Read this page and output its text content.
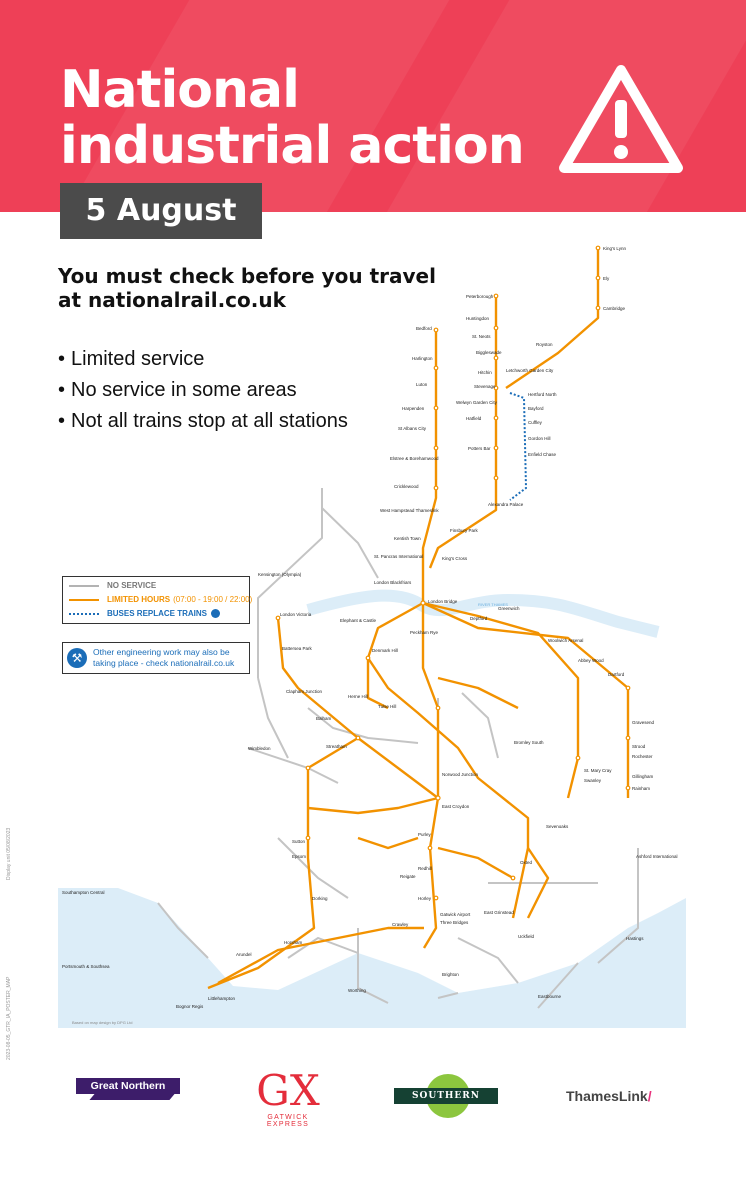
National
industrial action
5 August
You must check before you travel
at nationalrail.co.uk
• Limited service
• No service in some areas
• Not all trains stop at all stations
RIVER THAMES
King's Lynn
Ely
Cambridge
Royston
Peterborough
Huntingdon
St. Neots
Biggleswade
Hitchin	Letchworth Garden City
Stevenage
Welwyn Garden City
Hatfield
Potters Bar
Hertford North
Bayford
Cuffley
Gordon Hill
Enfield Chase
Alexandra Palace
Finsbury Park
King's Cross
Bedford
Harlington
Luton
Harpenden
St Albans City
Elstree & Borehamwood
Cricklewood
West Hampstead Thameslink
Kentish Town
St. Pancras International
London Blackfriars
London Bridge
London Victoria
Battersea Park
Clapham Junction
Elephant & Castle
Denmark Hill
Peckham Rye
Herne Hill
Tulse Hill
Streatham
Balham
Norwood Junction
East Croydon
Sutton
Epsom
Purley
Redhill
Reigate
Horley
Gatwick Airport
Three Bridges
Crawley
Horsham
Dorking
East Grinstead
Uckfield
Oxted
Greenwich
Deptford
Woolwich Arsenal
Abbey Wood
Dartford
Gravesend
Strood
Rochester
Gillingham
Rainham
Sevenoaks
Bromley South
St. Mary Cray
Swanley
Brighton
Arundel
Littlehampton
Bognor Regis
Worthing
Eastbourne
Hastings
Ashford International
Portsmouth & Southsea
Southampton Central
Wimbledon
Kensington (Olympia)
NO SERVICE
LIMITED HOURS (07:00 - 19:00 / 22:00)
BUSES REPLACE TRAINS
⚒	Other engineering work may also be taking place - check nationalrail.co.uk
Display unit 05/08/2023
2023-08-05_GTR_IA_POSTER_MAP	Based on map design by DPG Ltd
Great Northern	GX
GATWICK EXPRESS
SOUTHERN	ThamesLink/
